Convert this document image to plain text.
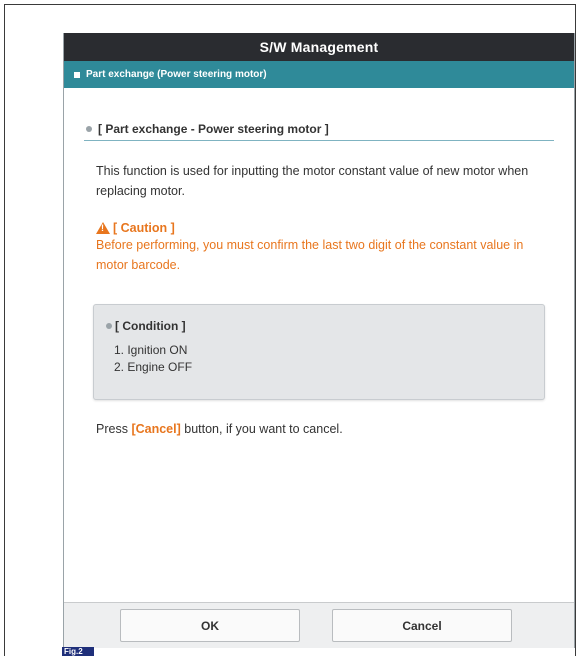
S/W Management
Part exchange (Power steering motor)
[ Part exchange - Power steering motor ]

This function is used for inputting the motor constant value of new motor when replacing motor.

!
[ Caution ]

Before performing, you must confirm the last two digit of the constant value in motor barcode.

[ Condition ]
1. Ignition ON
2. Engine OFF

Press [Cancel] button, if you want to cancel.

OK	Cancel
Fig.2
